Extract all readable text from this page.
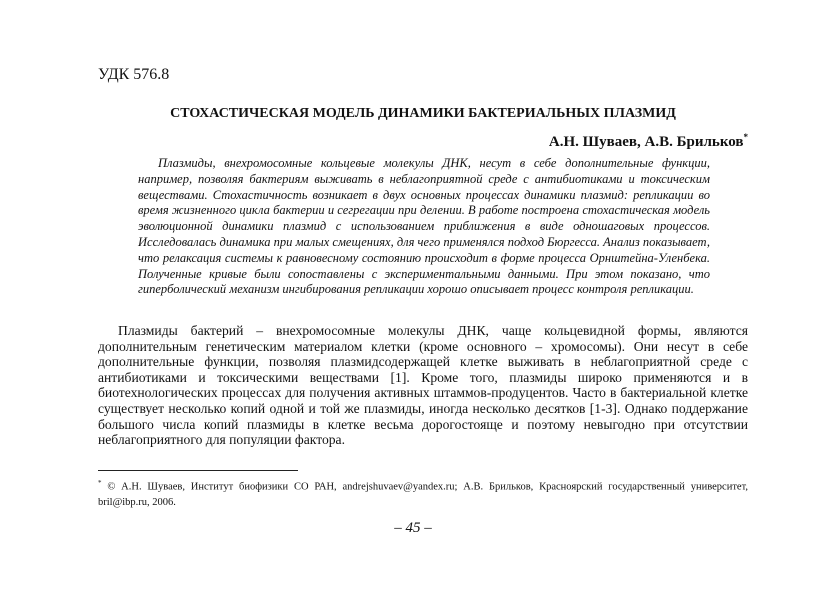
УДК 576.8
СТОХАСТИЧЕСКАЯ МОДЕЛЬ ДИНАМИКИ БАКТЕРИАЛЬНЫХ ПЛАЗМИД
А.Н. Шуваев, А.В. Брильков*
Плазмиды, внехромосомные кольцевые молекулы ДНК, несут в себе дополнительные функции, например, позволяя бактериям выживать в неблагоприятной среде с антибиотиками и токсическим веществами. Стохастичность возникает в двух основных процессах динамики плазмид: репликации во время жизненного цикла бактерии и сегрегации при делении. В работе построена стохастическая модель эволюционной динамики плазмид с использованием приближения в виде одношаговых процессов. Исследовалась динамика при малых смещениях, для чего применялся подход Бюргесса. Анализ показывает, что релаксация системы к равновесному состоянию происходит в форме процесса Орнштейна-Уленбека. Полученные кривые были сопоставлены с экспериментальными данными. При этом показано, что гиперболический механизм ингибирования репликации хорошо описывает процесс контроля репликации.
Плазмиды бактерий – внехромосомные молекулы ДНК, чаще кольцевидной формы, являются дополнительным генетическим материалом клетки (кроме основного – хромосомы). Они несут в себе дополнительные функции, позволяя плазмидсодержащей клетке выживать в неблагоприятной среде с антибиотиками и токсическими веществами [1]. Кроме того, плазмиды широко применяются и в биотехнологических процессах для получения активных штаммов-продуцентов. Часто в бактериальной клетке существует несколько копий одной и той же плазмиды, иногда несколько десятков [1-3]. Однако поддержание большого числа копий плазмиды в клетке весьма дорогостояще и поэтому невыгодно при отсутствии неблагоприятного для популяции фактора.
* © А.Н. Шуваев, Институт биофизики СО РАН, andrejshuvaev@yandex.ru; А.В. Брильков, Красноярский государственный университет, bril@ibp.ru, 2006.
– 45 –
